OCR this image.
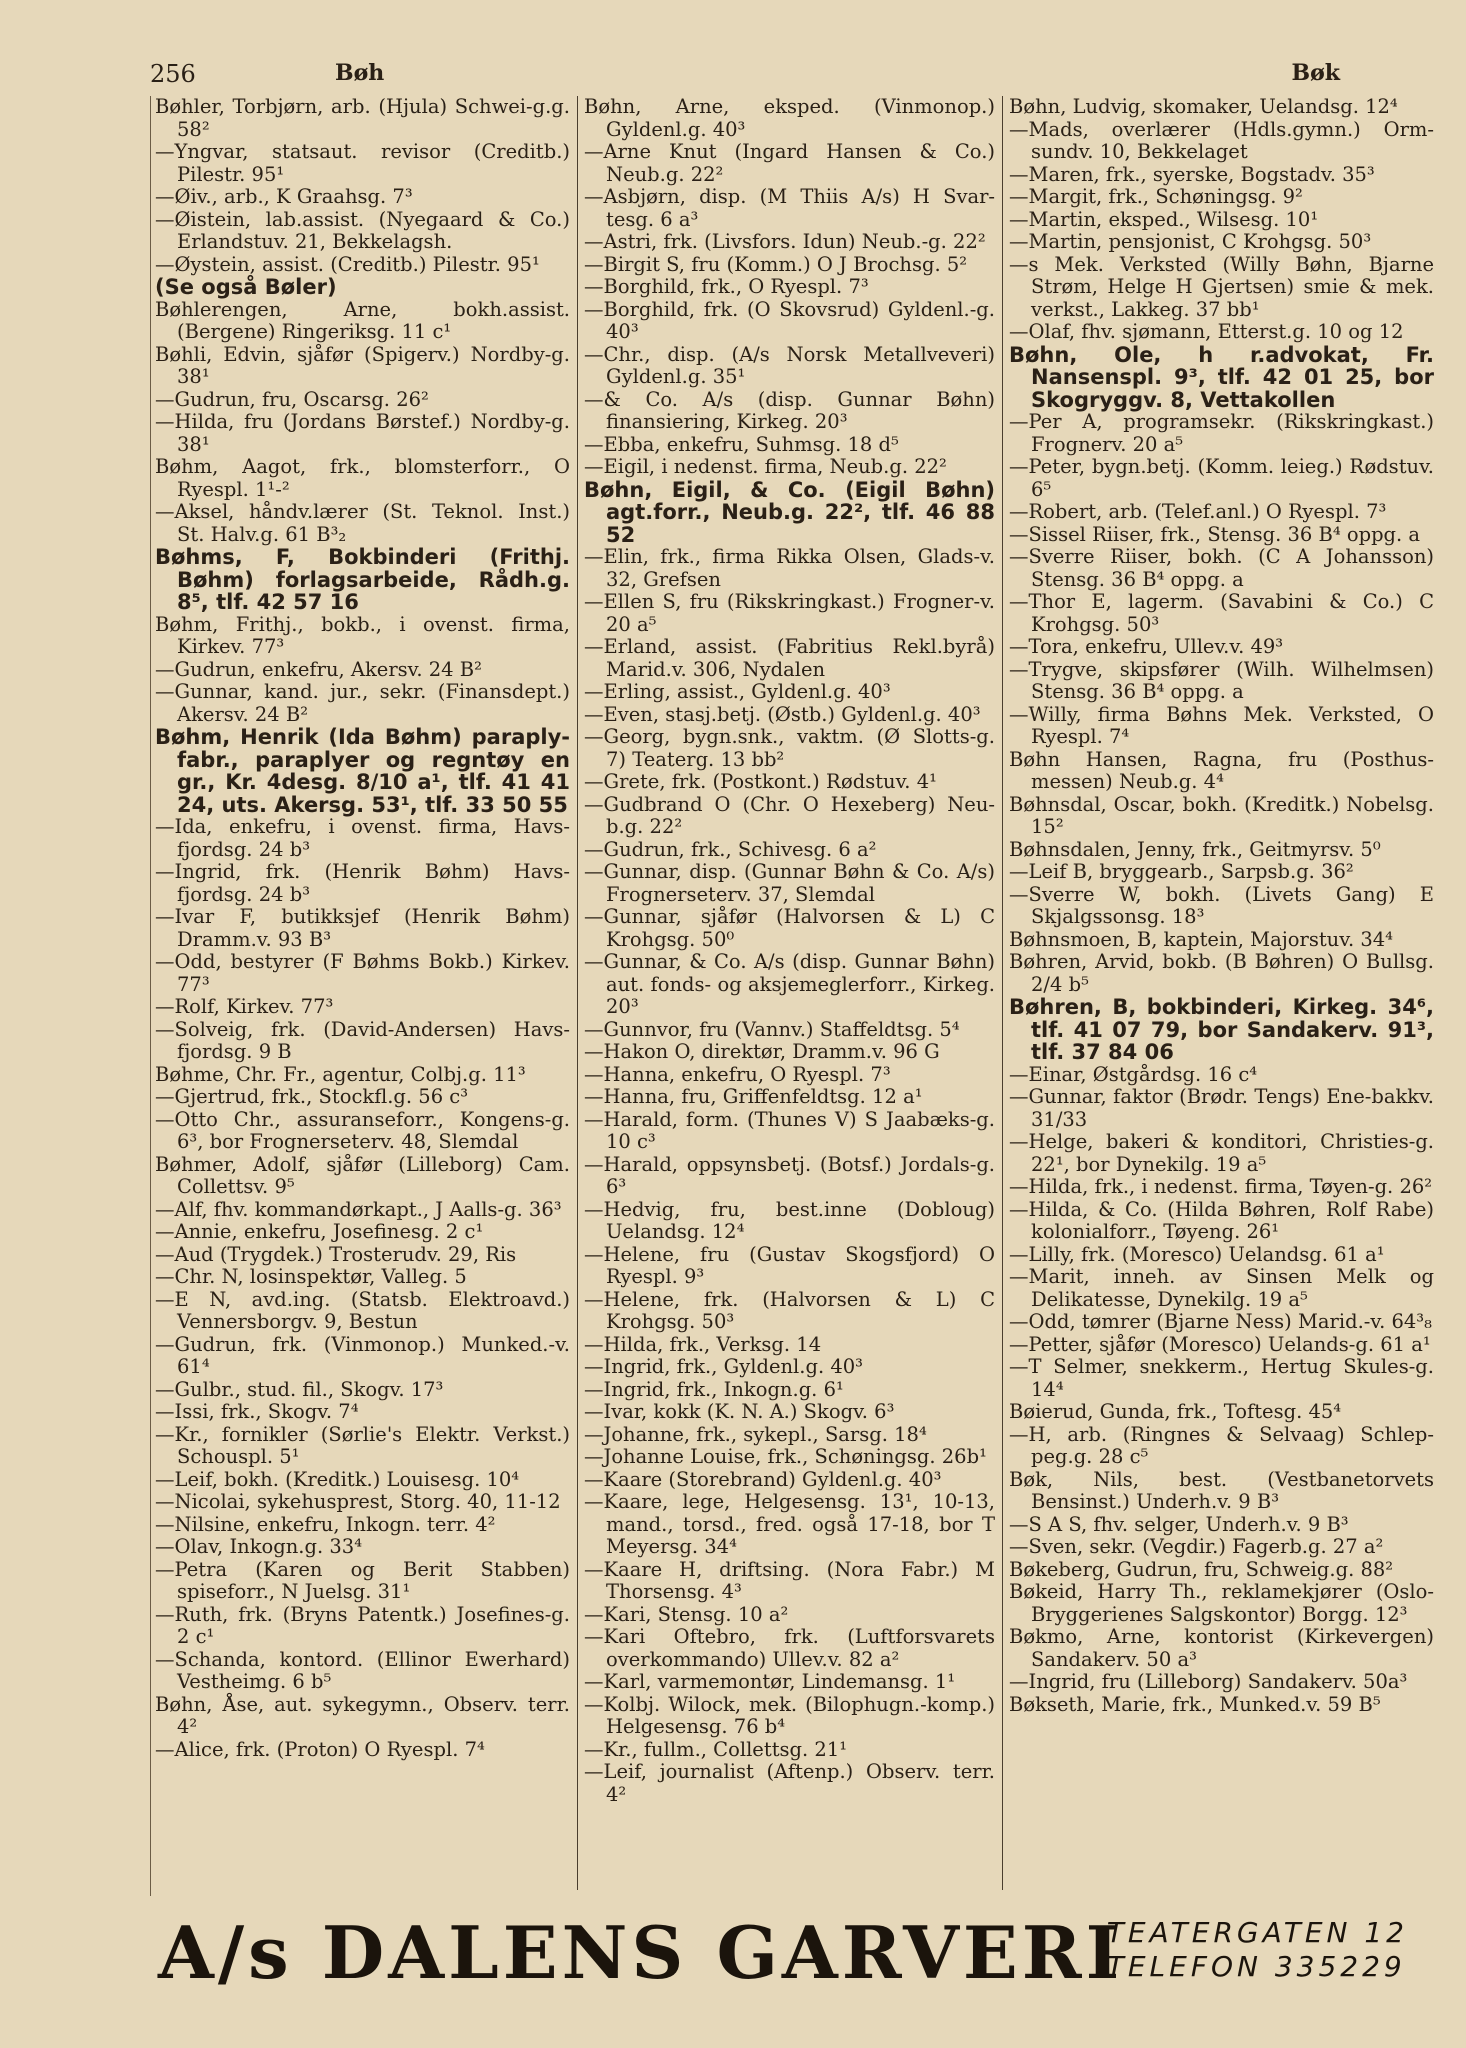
256	Bøh	Bøk

Bøhler, Torbjørn, arb. (Hjula) Schwei-g.g. 58²

—Yngvar, statsaut. revisor (Creditb.) Pilestr. 95¹

—Øiv., arb., K Graahsg. 7³

—Øistein, lab.assist. (Nyegaard & Co.) Erlandstuv. 21, Bekkelagsh.

—Øystein, assist. (Creditb.) Pilestr. 95¹

(Se også Bøler)

Bøhlerengen, Arne, bokh.assist. (Bergene) Ringeriksg. 11 c¹

Bøhli, Edvin, sjåfør (Spigerv.) Nordby-g. 38¹

—Gudrun, fru, Oscarsg. 26²

—Hilda, fru (Jordans Børstef.) Nordby-g. 38¹

Bøhm, Aagot, frk., blomsterforr., O Ryespl. 1¹-²

—Aksel, håndv.lærer (St. Teknol. Inst.) St. Halv.g. 61 B³₂

Bøhms, F, Bokbinderi (Frithj. Bøhm) forlagsarbeide, Rådh.g. 8⁵, tlf. 42 57 16

Bøhm, Frithj., bokb., i ovenst. firma, Kirkev. 77³

—Gudrun, enkefru, Akersv. 24 B²

—Gunnar, kand. jur., sekr. (Finansdept.) Akersv. 24 B²

Bøhm, Henrik (Ida Bøhm) paraply-fabr., paraplyer og regntøy en gr., Kr. 4desg. 8/10 a¹, tlf. 41 41 24, uts. Akersg. 53¹, tlf. 33 50 55

—Ida, enkefru, i ovenst. firma, Havs-fjordsg. 24 b³

—Ingrid, frk. (Henrik Bøhm) Havs-fjordsg. 24 b³

—Ivar F, butikksjef (Henrik Bøhm) Dramm.v. 93 B³

—Odd, bestyrer (F Bøhms Bokb.) Kirkev. 77³

—Rolf, Kirkev. 77³

—Solveig, frk. (David-Andersen) Havs-fjordsg. 9 B

Bøhme, Chr. Fr., agentur, Colbj.g. 11³

—Gjertrud, frk., Stockfl.g. 56 c³

—Otto Chr., assuranseforr., Kongens-g. 6³, bor Frognerseterv. 48, Slemdal

Bøhmer, Adolf, sjåfør (Lilleborg) Cam. Collettsv. 9⁵

—Alf, fhv. kommandørkapt., J Aalls-g. 36³

—Annie, enkefru, Josefinesg. 2 c¹

—Aud (Trygdek.) Trosterudv. 29, Ris

—Chr. N, losinspektør, Valleg. 5

—E N, avd.ing. (Statsb. Elektroavd.) Vennersborgv. 9, Bestun

—Gudrun, frk. (Vinmonop.) Munked.-v. 61⁴

—Gulbr., stud. fil., Skogv. 17³

—Issi, frk., Skogv. 7⁴

—Kr., fornikler (Sørlie's Elektr. Verkst.) Schouspl. 5¹

—Leif, bokh. (Kreditk.) Louisesg. 10⁴

—Nicolai, sykehusprest, Storg. 40, 11-12

—Nilsine, enkefru, Inkogn. terr. 4²

—Olav, Inkogn.g. 33⁴

—Petra (Karen og Berit Stabben) spiseforr., N Juelsg. 31¹

—Ruth, frk. (Bryns Patentk.) Josefines-g. 2 c¹

—Schanda, kontord. (Ellinor Ewerhard) Vestheimg. 6 b⁵

Bøhn, Åse, aut. sykegymn., Observ. terr. 4²

—Alice, frk. (Proton) O Ryespl. 7⁴

Bøhn, Arne, eksped. (Vinmonop.) Gyldenl.g. 40³

—Arne Knut (Ingard Hansen & Co.) Neub.g. 22²

—Asbjørn, disp. (M Thiis A/s) H Svar-tesg. 6 a³

—Astri, frk. (Livsfors. Idun) Neub.-g. 22²

—Birgit S, fru (Komm.) O J Brochsg. 5²

—Borghild, frk., O Ryespl. 7³

—Borghild, frk. (O Skovsrud) Gyldenl.-g. 40³

—Chr., disp. (A/s Norsk Metallveveri) Gyldenl.g. 35¹

—& Co. A/s (disp. Gunnar Bøhn) finansiering, Kirkeg. 20³

—Ebba, enkefru, Suhmsg. 18 d⁵

—Eigil, i nedenst. firma, Neub.g. 22²

Bøhn, Eigil, & Co. (Eigil Bøhn) agt.forr., Neub.g. 22², tlf. 46 88 52

—Elin, frk., firma Rikka Olsen, Glads-v. 32, Grefsen

—Ellen S, fru (Rikskringkast.) Frogner-v. 20 a⁵

—Erland, assist. (Fabritius Rekl.byrå) Marid.v. 306, Nydalen

—Erling, assist., Gyldenl.g. 40³

—Even, stasj.betj. (Østb.) Gyldenl.g. 40³

—Georg, bygn.snk., vaktm. (Ø Slotts-g. 7) Teaterg. 13 bb²

—Grete, frk. (Postkont.) Rødstuv. 4¹

—Gudbrand O (Chr. O Hexeberg) Neu-b.g. 22²

—Gudrun, frk., Schivesg. 6 a²

—Gunnar, disp. (Gunnar Bøhn & Co. A/s) Frognerseterv. 37, Slemdal

—Gunnar, sjåfør (Halvorsen & L) C Krohgsg. 50⁰

—Gunnar, & Co. A/s (disp. Gunnar Bøhn) aut. fonds- og aksjemeglerforr., Kirkeg. 20³

—Gunnvor, fru (Vannv.) Staffeldtsg. 5⁴

—Hakon O, direktør, Dramm.v. 96 G

—Hanna, enkefru, O Ryespl. 7³

—Hanna, fru, Griffenfeldtsg. 12 a¹

—Harald, form. (Thunes V) S Jaabæks-g. 10 c³

—Harald, oppsynsbetj. (Botsf.) Jordals-g. 6³

—Hedvig, fru, best.inne (Dobloug) Uelandsg. 12⁴

—Helene, fru (Gustav Skogsfjord) O Ryespl. 9³

—Helene, frk. (Halvorsen & L) C Krohgsg. 50³

—Hilda, frk., Verksg. 14

—Ingrid, frk., Gyldenl.g. 40³

—Ingrid, frk., Inkogn.g. 6¹

—Ivar, kokk (K. N. A.) Skogv. 6³

—Johanne, frk., sykepl., Sarsg. 18⁴

—Johanne Louise, frk., Schøningsg. 26b¹

—Kaare (Storebrand) Gyldenl.g. 40³

—Kaare, lege, Helgesensg. 13¹, 10-13, mand., torsd., fred. også 17-18, bor T Meyersg. 34⁴

—Kaare H, driftsing. (Nora Fabr.) M Thorsensg. 4³

—Kari, Stensg. 10 a²

—Kari Oftebro, frk. (Luftforsvarets overkommando) Ullev.v. 82 a²

—Karl, varmemontør, Lindemansg. 1¹

—Kolbj. Wilock, mek. (Bilophugn.-komp.) Helgesensg. 76 b⁴

—Kr., fullm., Collettsg. 21¹

—Leif, journalist (Aftenp.) Observ. terr. 4²

Bøhn, Ludvig, skomaker, Uelandsg. 12⁴

—Mads, overlærer (Hdls.gymn.) Orm-sundv. 10, Bekkelaget

—Maren, frk., syerske, Bogstadv. 35³

—Margit, frk., Schøningsg. 9²

—Martin, eksped., Wilsesg. 10¹

—Martin, pensjonist, C Krohgsg. 50³

—s Mek. Verksted (Willy Bøhn, Bjarne Strøm, Helge H Gjertsen) smie & mek. verkst., Lakkeg. 37 bb¹

—Olaf, fhv. sjømann, Etterst.g. 10 og 12

Bøhn, Ole, h r.advokat, Fr. Nansenspl. 9³, tlf. 42 01 25, bor Skogryggv. 8, Vettakollen

—Per A, programsekr. (Rikskringkast.) Frognerv. 20 a⁵

—Peter, bygn.betj. (Komm. leieg.) Rødstuv. 6⁵

—Robert, arb. (Telef.anl.) O Ryespl. 7³

—Sissel Riiser, frk., Stensg. 36 B⁴ oppg. a

—Sverre Riiser, bokh. (C A Johansson) Stensg. 36 B⁴ oppg. a

—Thor E, lagerm. (Savabini & Co.) C Krohgsg. 50³

—Tora, enkefru, Ullev.v. 49³

—Trygve, skipsfører (Wilh. Wilhelmsen) Stensg. 36 B⁴ oppg. a

—Willy, firma Bøhns Mek. Verksted, O Ryespl. 7⁴

Bøhn Hansen, Ragna, fru (Posthus-messen) Neub.g. 4⁴

Bøhnsdal, Oscar, bokh. (Kreditk.) Nobelsg. 15²

Bøhnsdalen, Jenny, frk., Geitmyrsv. 5⁰

—Leif B, bryggearb., Sarpsb.g. 36²

—Sverre W, bokh. (Livets Gang) E Skjalgssonsg. 18³

Bøhnsmoen, B, kaptein, Majorstuv. 34⁴

Bøhren, Arvid, bokb. (B Bøhren) O Bullsg. 2/4 b⁵

Bøhren, B, bokbinderi, Kirkeg. 34⁶, tlf. 41 07 79, bor Sandakerv. 91³, tlf. 37 84 06

—Einar, Østgårdsg. 16 c⁴

—Gunnar, faktor (Brødr. Tengs) Ene-bakkv. 31/33

—Helge, bakeri & konditori, Christies-g. 22¹, bor Dynekilg. 19 a⁵

—Hilda, frk., i nedenst. firma, Tøyen-g. 26²

—Hilda, & Co. (Hilda Bøhren, Rolf Rabe) kolonialforr., Tøyeng. 26¹

—Lilly, frk. (Moresco) Uelandsg. 61 a¹

—Marit, inneh. av Sinsen Melk og Delikatesse, Dynekilg. 19 a⁵

—Odd, tømrer (Bjarne Ness) Marid.-v. 64³₈

—Petter, sjåfør (Moresco) Uelands-g. 61 a¹

—T Selmer, snekkerm., Hertug Skules-g. 14⁴

Bøierud, Gunda, frk., Toftesg. 45⁴

—H, arb. (Ringnes & Selvaag) Schlep-peg.g. 28 c⁵

Bøk, Nils, best. (Vestbanetorvets Bensinst.) Underh.v. 9 B³

—S A S, fhv. selger, Underh.v. 9 B³

—Sven, sekr. (Vegdir.) Fagerb.g. 27 a²

Bøkeberg, Gudrun, fru, Schweig.g. 88²

Bøkeid, Harry Th., reklamekjører (Oslo-Bryggerienes Salgskontor) Borgg. 12³

Bøkmo, Arne, kontorist (Kirkevergen) Sandakerv. 50 a³

—Ingrid, fru (Lilleborg) Sandakerv. 50a³

Bøkseth, Marie, frk., Munked.v. 59 B⁵

A/s DALENS GARVERI
TEATERGATEN 12
TELEFON 335229
